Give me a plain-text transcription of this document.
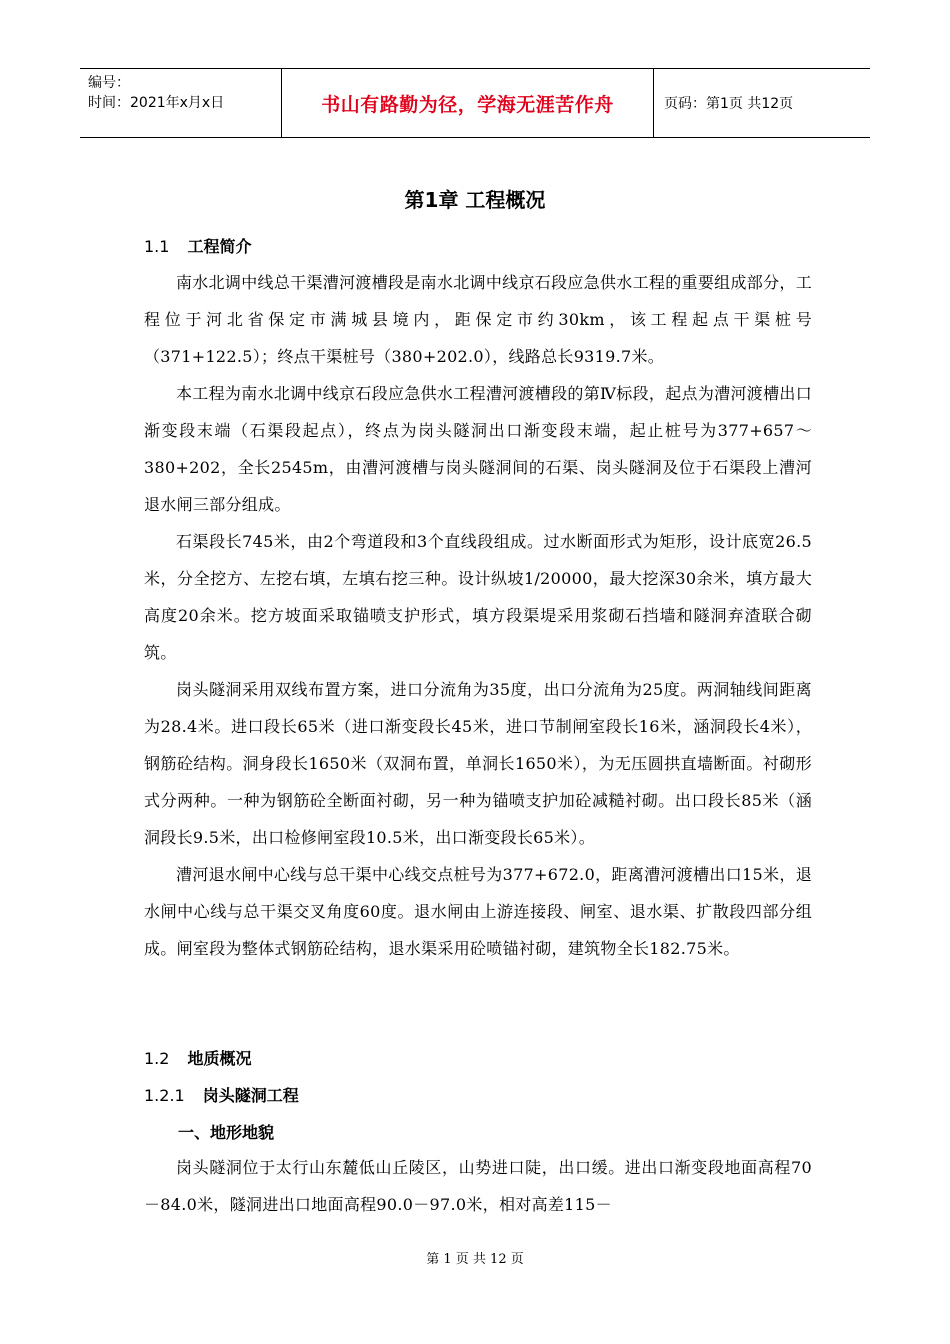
编号：
时间：2021年x月x日	书山有路勤为径，学海无涯苦作舟	页码：第1页 共12页
第1章 工程概况
1.1 工程简介

南水北调中线总干渠漕河渡槽段是南水北调中线京石段应急供水工程的重要组成部分，工程位于河北省保定市满城县境内，距保定市约30km，该工程起点干渠桩号（371+122.5）；终点干渠桩号（380+202.0），线路总长9319.7米。

本工程为南水北调中线京石段应急供水工程漕河渡槽段的第Ⅳ标段，起点为漕河渡槽出口渐变段末端（石渠段起点），终点为岗头隧洞出口渐变段末端，起止桩号为377+657～380+202，全长2545m，由漕河渡槽与岗头隧洞间的石渠、岗头隧洞及位于石渠段上漕河退水闸三部分组成。

石渠段长745米，由2个弯道段和3个直线段组成。过水断面形式为矩形，设计底宽26.5米，分全挖方、左挖右填，左填右挖三种。设计纵坡1/20000，最大挖深30余米，填方最大高度20余米。挖方坡面采取锚喷支护形式，填方段渠堤采用浆砌石挡墙和隧洞弃渣联合砌筑。

岗头隧洞采用双线布置方案，进口分流角为35度，出口分流角为25度。两洞轴线间距离为28.4米。进口段长65米（进口渐变段长45米，进口节制闸室段长16米，涵洞段长4米），钢筋砼结构。洞身段长1650米（双洞布置，单洞长1650米），为无压圆拱直墙断面。衬砌形式分两种。一种为钢筋砼全断面衬砌，另一种为锚喷支护加砼减糙衬砌。出口段长85米（涵洞段长9.5米，出口检修闸室段10.5米，出口渐变段长65米）。

漕河退水闸中心线与总干渠中心线交点桩号为377+672.0，距离漕河渡槽出口15米，退水闸中心线与总干渠交叉角度60度。退水闸由上游连接段、闸室、退水渠、扩散段四部分组成。闸室段为整体式钢筋砼结构，退水渠采用砼喷锚衬砌，建筑物全长182.75米。

1.2 地质概况
1.2.1 岗头隧洞工程
一、地形地貌

岗头隧洞位于太行山东麓低山丘陵区，山势进口陡，出口缓。进出口渐变段地面高程70－84.0米，隧洞进出口地面高程90.0－97.0米，相对高差115－

第 1 页 共 12 页
